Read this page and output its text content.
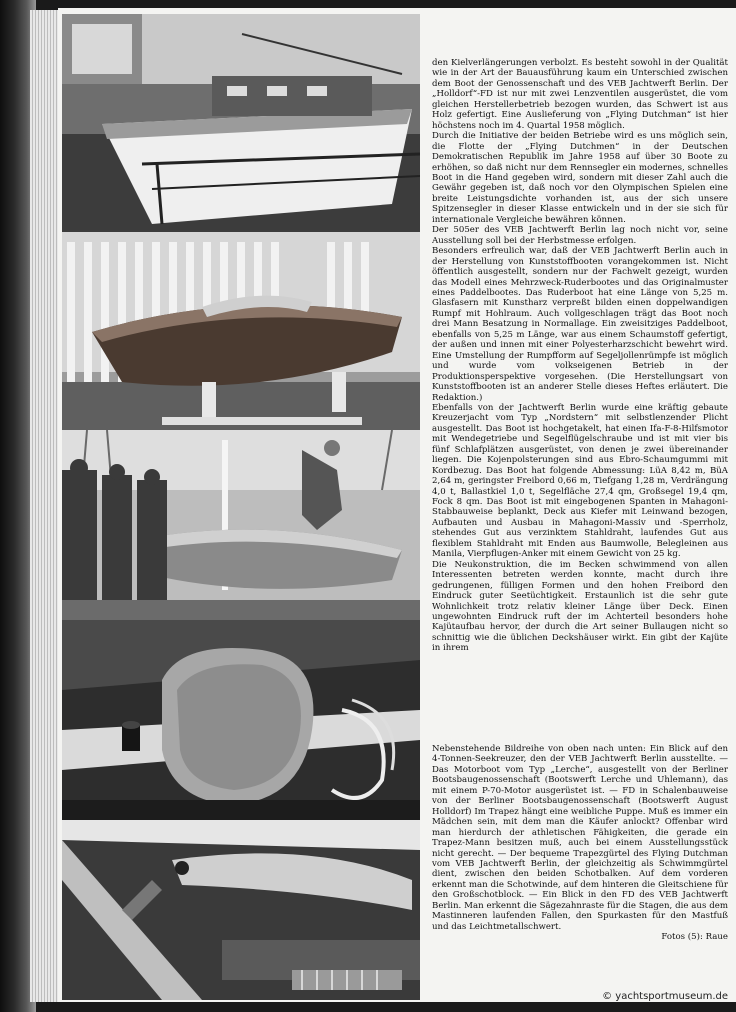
den Kielverlängerungen verbolzt. Es besteht sowohl in der Qualität wie in der Art der Bauausführung kaum ein Unterschied zwischen dem Boot der Genossenschaft und des VEB Jachtwerft Berlin. Der „Holldorf“-FD ist nur mit zwei Lenzventilen ausgerüstet, die vom gleichen Herstellerbetrieb bezogen wurden, das Schwert ist aus Holz gefertigt. Eine Auslieferung von „Flying Dutchman“ ist hier höchstens noch im 4. Quartal 1958 möglich.

Durch die Initiative der beiden Betriebe wird es uns möglich sein, die Flotte der „Flying Dutchmen“ in der Deutschen Demokratischen Republik im Jahre 1958 auf über 30 Boote zu erhöhen, so daß nicht nur dem Rennsegler ein modernes, schnelles Boot in die Hand gegeben wird, sondern mit dieser Zahl auch die Gewähr gegeben ist, daß noch vor den Olympischen Spielen eine breite Leistungsdichte vorhanden ist, aus der sich unsere Spitzensegler in dieser Klasse entwickeln und in der sie sich für internationale Vergleiche bewähren können.

Der 505er des VEB Jachtwerft Berlin lag noch nicht vor, seine Ausstellung soll bei der Herbstmesse erfolgen.

Besonders erfreulich war, daß der VEB Jachtwerft Berlin auch in der Herstellung von Kunststoffbooten vorangekommen ist. Nicht öffentlich ausgestellt, sondern nur der Fachwelt gezeigt, wurden das Modell eines Mehrzweck-Ruderbootes und das Originalmuster eines Paddelbootes. Das Ruderboot hat eine Länge von 5,25 m. Glasfasern mit Kunstharz verpreßt bilden einen doppelwandigen Rumpf mit Hohlraum. Auch vollgeschlagen trägt das Boot noch drei Mann Besatzung in Normallage. Ein zweisitziges Paddelboot, ebenfalls von 5,25 m Länge, war aus einem Schaumstoff gefertigt, der außen und innen mit einer Polyesterharzschicht bewehrt wird. Eine Umstellung der Rumpfform auf Segeljollenrümpfe ist möglich und wurde vom volkseigenen Betrieb in der Produktionsperspektive vorgesehen. (Die Herstellungsart von Kunststoffbooten ist an anderer Stelle dieses Heftes erläutert. Die Redaktion.)

Ebenfalls von der Jachtwerft Berlin wurde eine kräftig gebaute Kreuzerjacht vom Typ „Nordstern“ mit selbstlenzender Plicht ausgestellt. Das Boot ist hochgetakelt, hat einen Ifa-F-8-Hilfsmotor mit Wendegetriebe und Segelflügelschraube und ist mit vier bis fünf Schlafplätzen ausgerüstet, von denen je zwei übereinander liegen. Die Kojenpolsterungen sind aus Ebro-Schaumgummi mit Kordbezug. Das Boot hat folgende Abmessung: LüA 8,42 m, BüA 2,64 m, geringster Freibord 0,66 m, Tiefgang 1,28 m, Verdrängung 4,0 t, Ballastkiel 1,0 t, Segelfläche 27,4 qm, Großsegel 19,4 qm, Fock 8 qm. Das Boot ist mit eingebogenen Spanten in Mahagoni-Stabbauweise beplankt, Deck aus Kiefer mit Leinwand bezogen, Aufbauten und Ausbau in Mahagoni-Massiv und -Sperrholz, stehendes Gut aus verzinktem Stahldraht, laufendes Gut aus flexiblem Stahldraht mit Enden aus Baumwolle, Belegleinen aus Manila, Vierpflugen-Anker mit einem Gewicht von 25 kg.

Die Neukonstruktion, die im Becken schwimmend von allen Interessenten betreten werden konnte, macht durch ihre gedrungenen, fülligen Formen und den hohen Freibord den Eindruck guter Seetüchtigkeit. Erstaunlich ist die sehr gute Wohnlichkeit trotz relativ kleiner Länge über Deck. Einen ungewohnten Eindruck ruft der im Achterteil besonders hohe Kajütaufbau hervor, der durch die Art seiner Bullaugen nicht so schnittig wie die üblichen Deckshäuser wirkt. Ein gibt der Kajüte in ihrem

Nebenstehende Bildreihe von oben nach unten: Ein Blick auf den 4-Tonnen-Seekreuzer, den der VEB Jachtwerft Berlin ausstellte. — Das Motorboot vom Typ „Lerche“, ausgestellt von der Berliner Bootsbaugenossenschaft (Bootswerft Lerche und Uhlemann), das mit einem P-70-Motor ausgerüstet ist. — FD in Schalenbauweise von der Berliner Bootsbaugenossenschaft (Bootswerft August Holldorf) Im Trapez hängt eine weibliche Puppe. Muß es immer ein Mädchen sein, mit dem man die Käufer anlockt? Offenbar wird man hierdurch der athletischen Fähigkeiten, die gerade ein Trapez-Mann besitzen muß, auch bei einem Ausstellungsstück nicht gerecht. — Der bequeme Trapezgürtel des Flying Dutchman vom VEB Jachtwerft Berlin, der gleichzeitig als Schwimmgürtel dient, zwischen den beiden Schotbalken. Auf dem vorderen erkennt man die Schotwinde, auf dem hinteren die Gleitschiene für den Großschotblock. — Ein Blick in den FD des VEB Jachtwerft Berlin. Man erkennt die Sägezahnraste für die Stagen, die aus dem Mastinneren laufenden Fallen, den Spurkasten für den Mastfuß und das Leichtmetallschwert.

Fotos (5): Raue

© yachtsportmuseum.de
